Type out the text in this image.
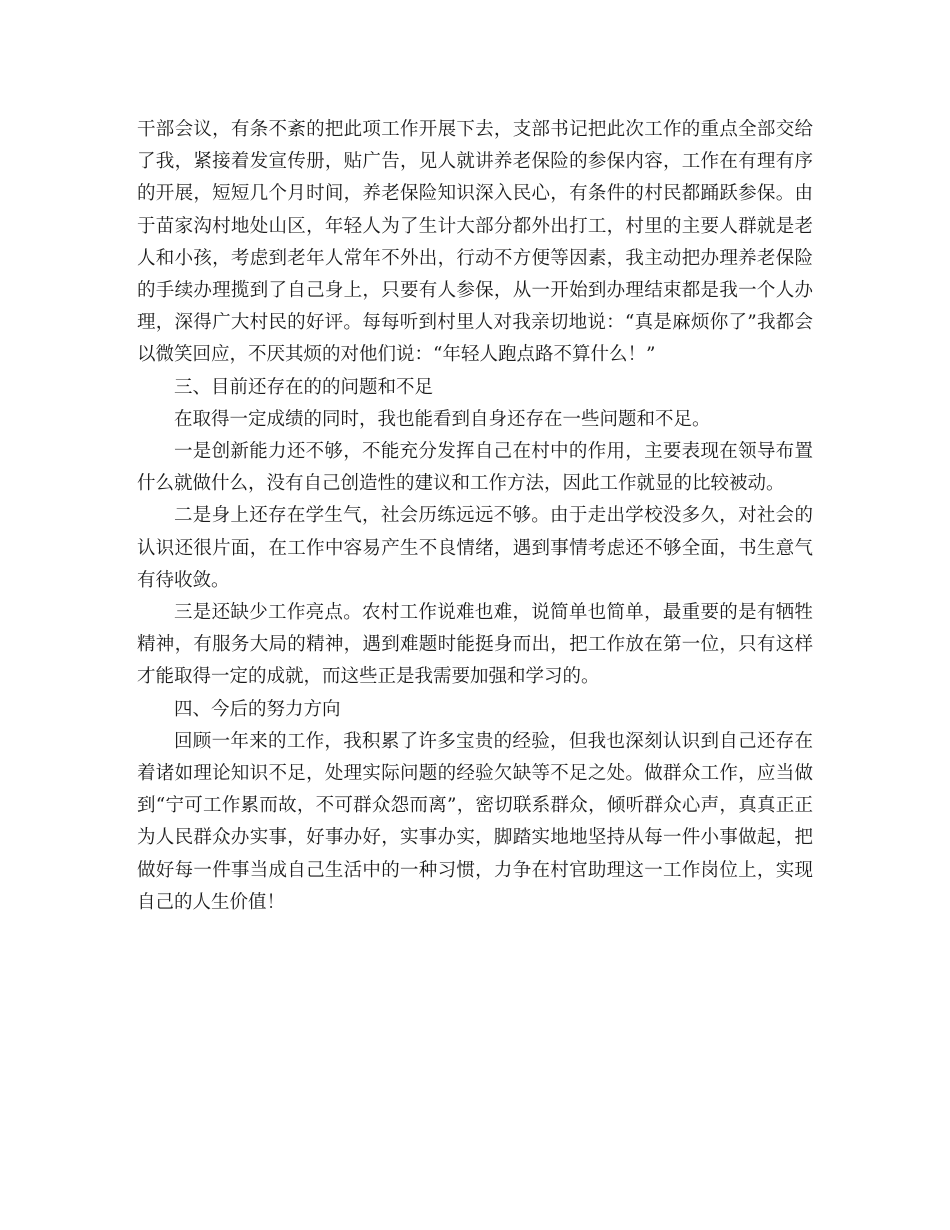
干部会议，有条不紊的把此项工作开展下去，支部书记把此次工作的重点全部交给了我，紧接着发宣传册，贴广告，见人就讲养老保险的参保内容，工作在有理有序的开展，短短几个月时间，养老保险知识深入民心，有条件的村民都踊跃参保。由于苗家沟村地处山区，年轻人为了生计大部分都外出打工，村里的主要人群就是老人和小孩，考虑到老年人常年不外出，行动不方便等因素，我主动把办理养老保险的手续办理揽到了自己身上，只要有人参保，从一开始到办理结束都是我一个人办理，深得广大村民的好评。每每听到村里人对我亲切地说：“真是麻烦你了”我都会以微笑回应，不厌其烦的对他们说：“年轻人跑点路不算什么！”

三、目前还存在的的问题和不足

在取得一定成绩的同时，我也能看到自身还存在一些问题和不足。

一是创新能力还不够，不能充分发挥自己在村中的作用，主要表现在领导布置什么就做什么，没有自己创造性的建议和工作方法，因此工作就显的比较被动。

二是身上还存在学生气，社会历练远远不够。由于走出学校没多久，对社会的认识还很片面，在工作中容易产生不良情绪，遇到事情考虑还不够全面，书生意气有待收敛。

三是还缺少工作亮点。农村工作说难也难，说简单也简单，最重要的是有牺牲精神，有服务大局的精神，遇到难题时能挺身而出，把工作放在第一位，只有这样才能取得一定的成就，而这些正是我需要加强和学习的。

四、今后的努力方向

回顾一年来的工作，我积累了许多宝贵的经验，但我也深刻认识到自己还存在着诸如理论知识不足，处理实际问题的经验欠缺等不足之处。做群众工作，应当做到“宁可工作累而故，不可群众怨而离”，密切联系群众，倾听群众心声，真真正正为人民群众办实事，好事办好，实事办实，脚踏实地地坚持从每一件小事做起，把做好每一件事当成自己生活中的一种习惯，力争在村官助理这一工作岗位上，实现自己的人生价值！
